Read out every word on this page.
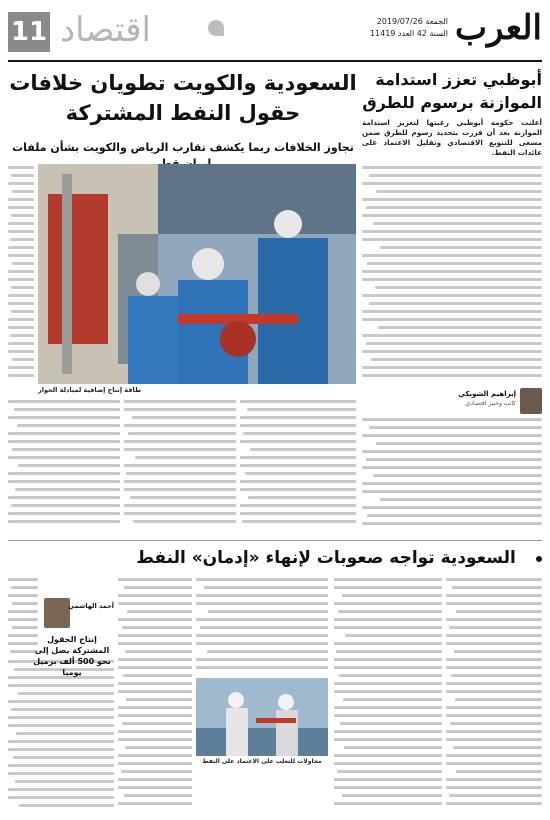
11 اقتصاد	الجمعة 2019/07/26
السنة 42 العدد 11419 العرب
السعودية والكويت تطويان خلافات حقول النفط المشتركة
تجاوز الخلافات ربما يكشف تقارب الرياض والكويت بشأن ملفات
أبوظبي تعزز استدامة الموازنة برسوم للطرق
أعلنت حكومة أبوظبي رغبتها لتعزيز استدامة الموازنة بعد أن قررت بتحديد رسوم للطرق ضمن مسعى للتنويع الاقتصادي وتقليل الاعتماد على عائدات النفط.
طاقة إنتاج إضافية لمبادلة الحوار	إبراهيم الشوبكي
كاتب وخبير اقتصادي
السعودية تواجه صعوبات لإنهاء «إدمان» النفط
أحمد الهاشمي
إنتاج الحقول المشتركة يصل إلى نحو 500 ألف برميل يوميا
محاولات للتغلب على الاعتماد على النفط
